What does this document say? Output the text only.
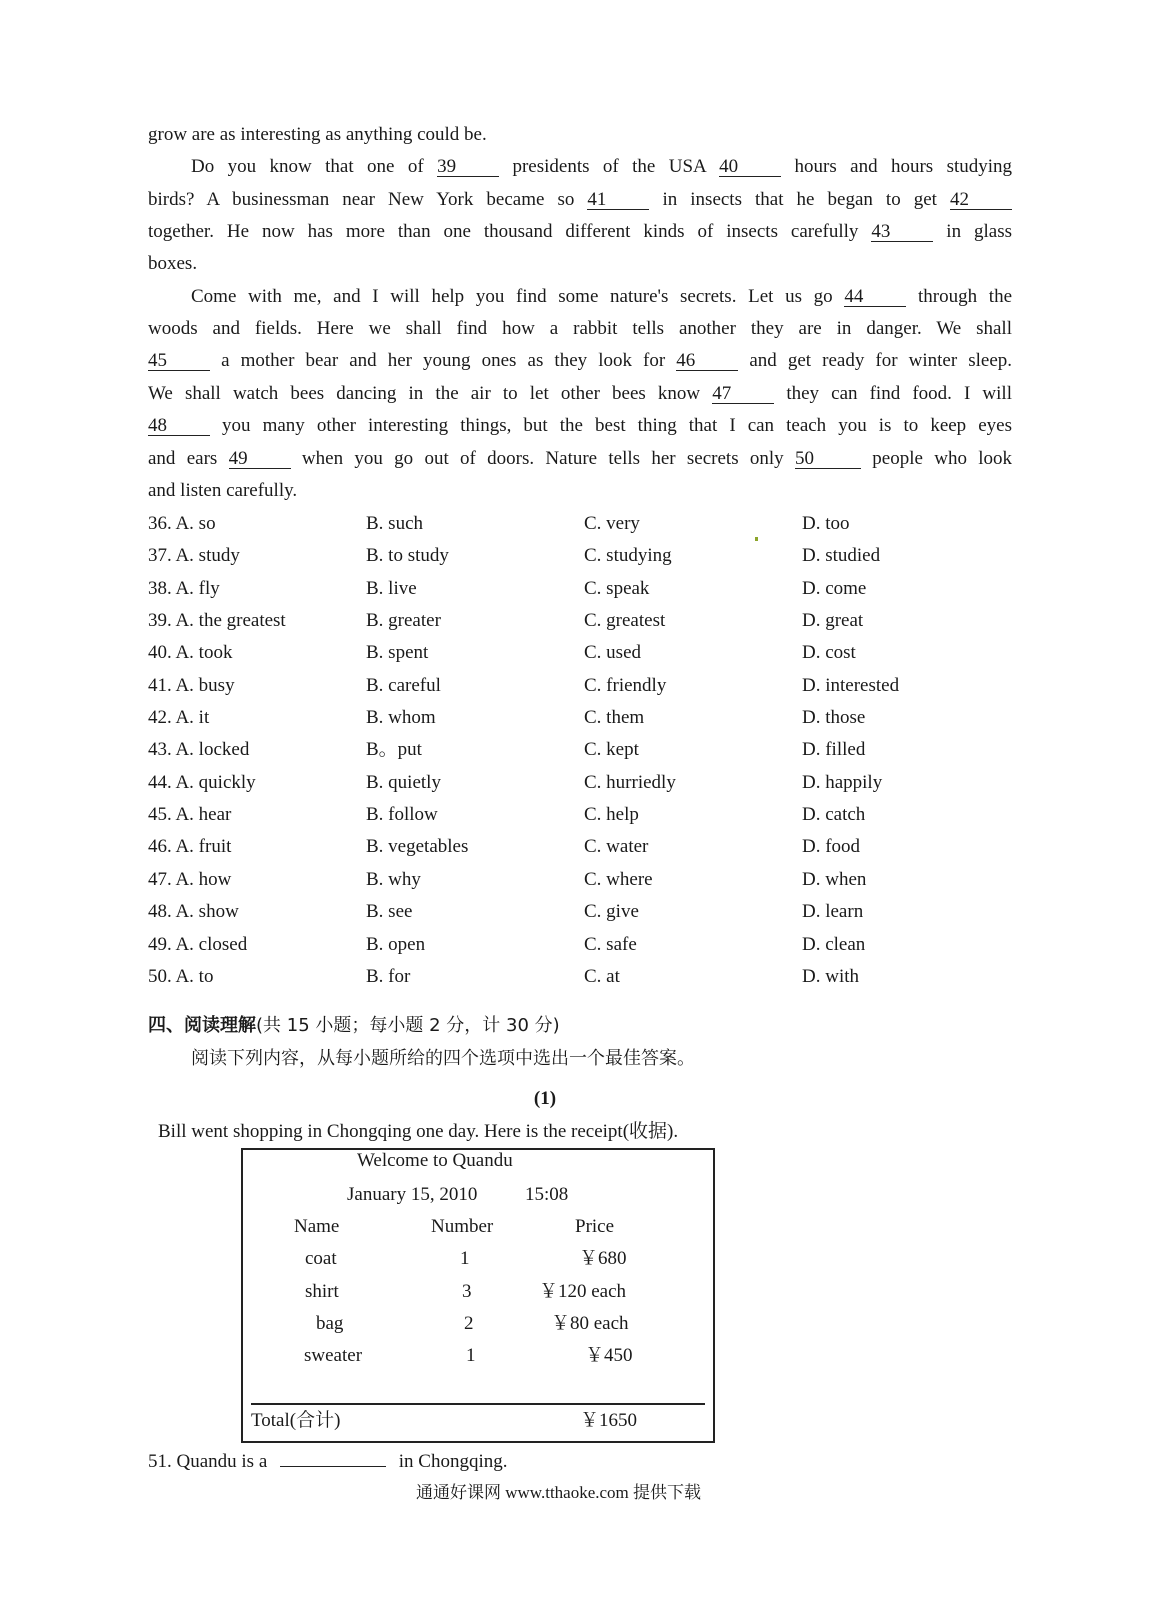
grow are as interesting as anything could be.
Do you know that one of 39	presidents of the USA 40	hours and hours studying
birds? A businessman near New York became so 41	in insects that he began to get 42
together. He now has more than one thousand different kinds of insects carefully 43	in glass
boxes.
Come with me, and I will help you find some nature's secrets. Let us go 44	through the
woods and fields. Here we shall find how a rabbit tells another they are in danger. We shall
45	a mother bear and her young ones as they look for 46	and get ready for winter sleep.
We shall watch bees dancing in the air to let other bees know 47	they can find food. I will
48	you many other interesting things, but the best thing that I can teach you is to keep eyes
and ears 49	when you go out of doors. Nature tells her secrets only 50	people who look
and listen carefully.
36. A. so	B. such	C. very	D. too
37. A. study	B. to study	C. studying	D. studied
38. A. fly	B. live	C. speak	D. come
39. A. the greatest	B. greater	C. greatest	D. great
40. A. took	B. spent	C. used	D. cost
41. A. busy	B. careful	C. friendly	D. interested
42. A. it	B. whom	C. them	D. those
43. A. locked	B。put	C. kept	D. filled
44. A. quickly	B. quietly	C. hurriedly	D. happily
45. A. hear	B. follow	C. help	D. catch
46. A. fruit	B. vegetables	C. water	D. food
47. A. how	B. why	C. where	D. when
48. A. show	B. see	C. give	D. learn
49. A. closed	B. open	C. safe	D. clean
50. A. to	B. for	C. at	D. with
四、阅读理解(共 15 小题；每小题 2 分，计 30 分)
阅读下列内容，从每小题所给的四个选项中选出一个最佳答案。
(1)
Bill went shopping in Chongqing one day. Here is the receipt(收据).
Welcome to Quandu
January 15, 2010	15:08
Name	Number	Price
coat	1	￥680
shirt	3	￥120 each
bag	2	￥80 each
sweater	1	￥450
Total(合计)	￥1650
51. Quandu is a	in Chongqing.
通通好课网 www.tthaoke.com 提供下载
